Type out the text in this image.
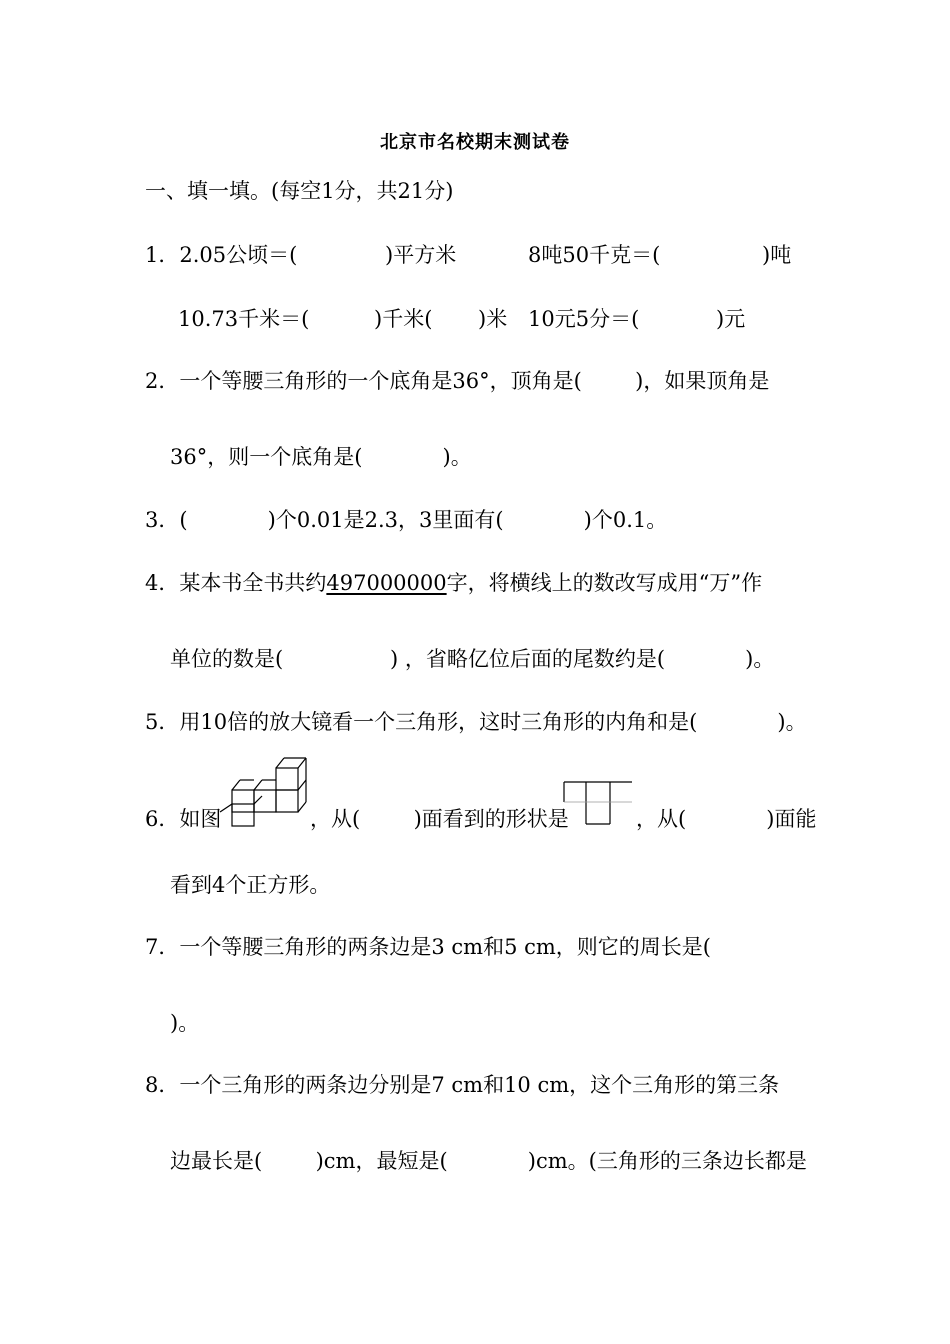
北京市名校期末测试卷
一、填一填。(每空1分，共21分)
1．2.05公顷＝(	)平方米	8吨50千克＝(	)吨
10.73千米＝(	)千米( )米 10元5分＝(	)元
2．一个等腰三角形的一个底角是36°，顶角是(        )，如果顶角是
36°，则一个底角是(            )。
3．(            )个0.01是2.3，3里面有(            )个0.1。
4．某本书全书共约497000000字，将横线上的数改写成用“万”作
单位的数是(                ) ，省略亿位后面的尾数约是(            )。
5．用10倍的放大镜看一个三角形，这时三角形的内角和是(            )。
6．如图	，从(        )面看到的形状是	，从(            )面能
看到4个正方形。
7．一个等腰三角形的两条边是3 cm和5 cm，则它的周长是(
)。
8．一个三角形的两条边分别是7 cm和10 cm，这个三角形的第三条
边最长是(        )cm，最短是(            )cm。(三角形的三条边长都是
